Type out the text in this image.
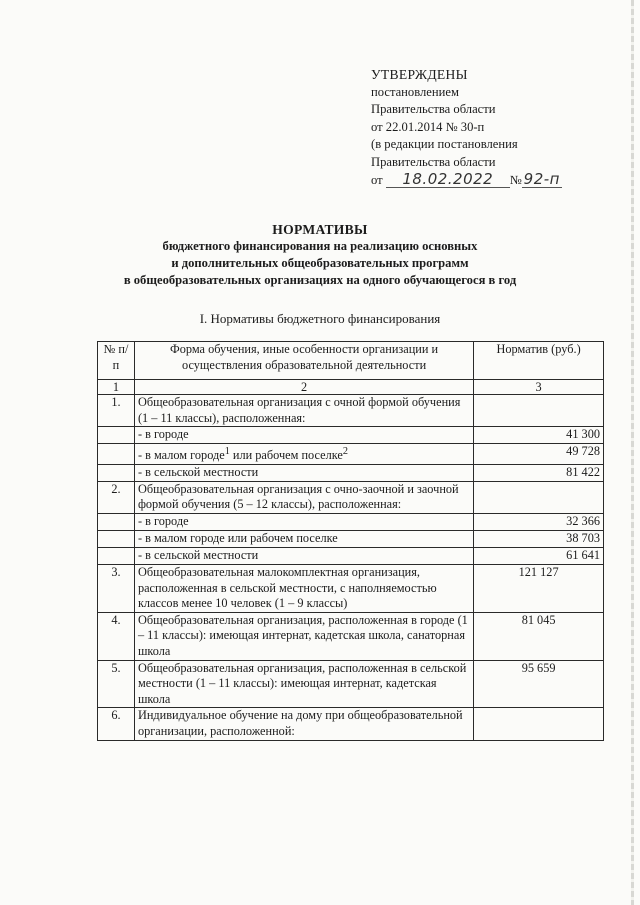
УТВЕРЖДЕНЫ
постановлением
Правительства области
от 22.01.2014 № 30-п
(в редакции постановления
Правительства области
от 18.02.2022 № 92-п
НОРМАТИВЫ
бюджетного финансирования на реализацию основных
и дополнительных общеобразовательных программ
в общеобразовательных организациях на одного обучающегося в год
I. Нормативы бюджетного финансирования
№ п/п	Форма обучения, иные особенности организации и осуществления образовательной деятельности	Норматив (руб.)
1	2	3
1.	Общеобразовательная организация с очной формой обучения (1 – 11 классы), расположенная:	
	- в городе	41 300
	- в малом городе$^1$ или рабочем поселке$^2$	49 728
	- в сельской местности	81 422
2.	Общеобразовательная организация с очно-заочной и заочной формой обучения (5 – 12 классы), расположенная:	
	- в городе	32 366
	- в малом городе или рабочем поселке	38 703
	- в сельской местности	61 641
3.	Общеобразовательная малокомплектная организация, расположенная в сельской местности, с наполняемостью классов менее 10 человек (1 – 9 классы)	121 127
4.	Общеобразовательная организация, расположенная в городе (1 – 11 классы): имеющая интернат, кадетская школа, санаторная школа	81 045
5.	Общеобразовательная организация, расположенная в сельской местности (1 – 11 классы): имеющая интернат, кадетская школа	95 659
6.	Индивидуальное обучение на дому при общеобразовательной организации, расположенной:	
